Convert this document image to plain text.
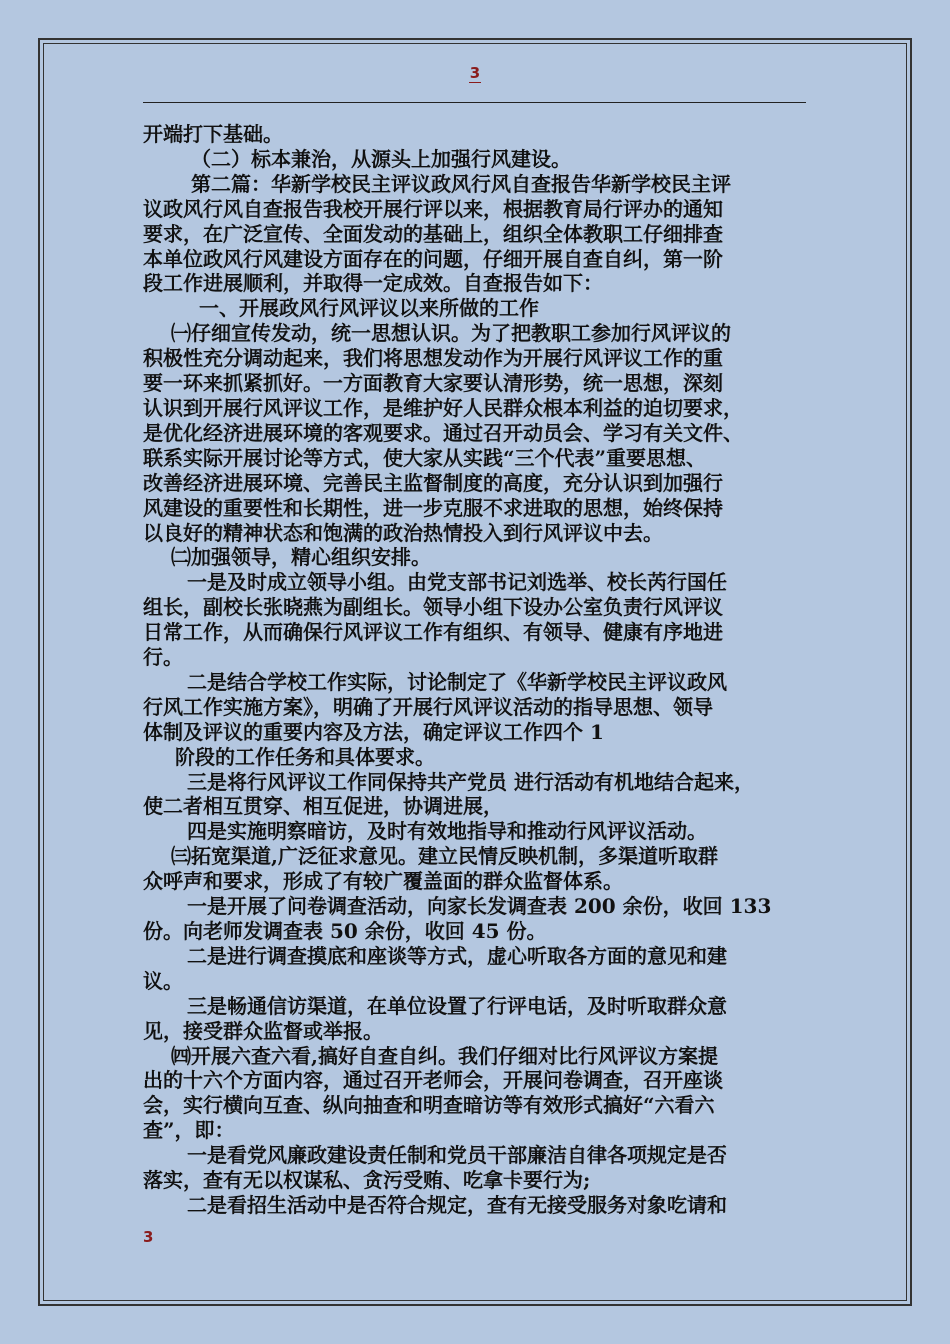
3

开端打下基础。

（二）标本兼治，从源头上加强行风建设。

第二篇：华新学校民主评议政风行风自查报告华新学校民主评

议政风行风自查报告我校开展行评以来，根据教育局行评办的通知

要求，在广泛宣传、全面发动的基础上，组织全体教职工仔细排查

本单位政风行风建设方面存在的问题，仔细开展自查自纠，第一阶

段工作进展顺利，并取得一定成效。自查报告如下：

一、开展政风行风评议以来所做的工作

㈠仔细宣传发动，统一思想认识。为了把教职工参加行风评议的

积极性充分调动起来，我们将思想发动作为开展行风评议工作的重

要一环来抓紧抓好。一方面教育大家要认清形势，统一思想，深刻

认识到开展行风评议工作，是维护好人民群众根本利益的迫切要求，

是优化经济进展环境的客观要求。通过召开动员会、学习有关文件、

联系实际开展讨论等方式，使大家从实践“三个代表”重要思想、

改善经济进展环境、完善民主监督制度的高度，充分认识到加强行

风建设的重要性和长期性，进一步克服不求进取的思想，始终保持

以良好的精神状态和饱满的政治热情投入到行风评议中去。

㈡加强领导，精心组织安排。

一是及时成立领导小组。由党支部书记刘选举、校长芮行国任

组长，副校长张晓燕为副组长。领导小组下设办公室负责行风评议

日常工作，从而确保行风评议工作有组织、有领导、健康有序地进

行。

二是结合学校工作实际，讨论制定了《华新学校民主评议政风

行风工作实施方案》，明确了开展行风评议活动的指导思想、领导

体制及评议的重要内容及方法，确定评议工作四个 1

阶段的工作任务和具体要求。

三是将行风评议工作同保持共产党员 进行活动有机地结合起来，

使二者相互贯穿、相互促进，协调进展，

四是实施明察暗访，及时有效地指导和推动行风评议活动。

㈢拓宽渠道,广泛征求意见。建立民情反映机制，多渠道听取群

众呼声和要求，形成了有较广覆盖面的群众监督体系。

一是开展了问卷调查活动，向家长发调查表 200 余份，收回 133

份。向老师发调查表 50 余份，收回 45 份。

二是进行调查摸底和座谈等方式，虚心听取各方面的意见和建

议。

三是畅通信访渠道，在单位设置了行评电话，及时听取群众意

见，接受群众监督或举报。

㈣开展六查六看,搞好自查自纠。我们仔细对比行风评议方案提

出的十六个方面内容，通过召开老师会，开展问卷调查，召开座谈

会，实行横向互查、纵向抽查和明查暗访等有效形式搞好“六看六

查”，即：

一是看党风廉政建设责任制和党员干部廉洁自律各项规定是否

落实，查有无以权谋私、贪污受贿、吃拿卡要行为;

二是看招生活动中是否符合规定，查有无接受服务对象吃请和

3
